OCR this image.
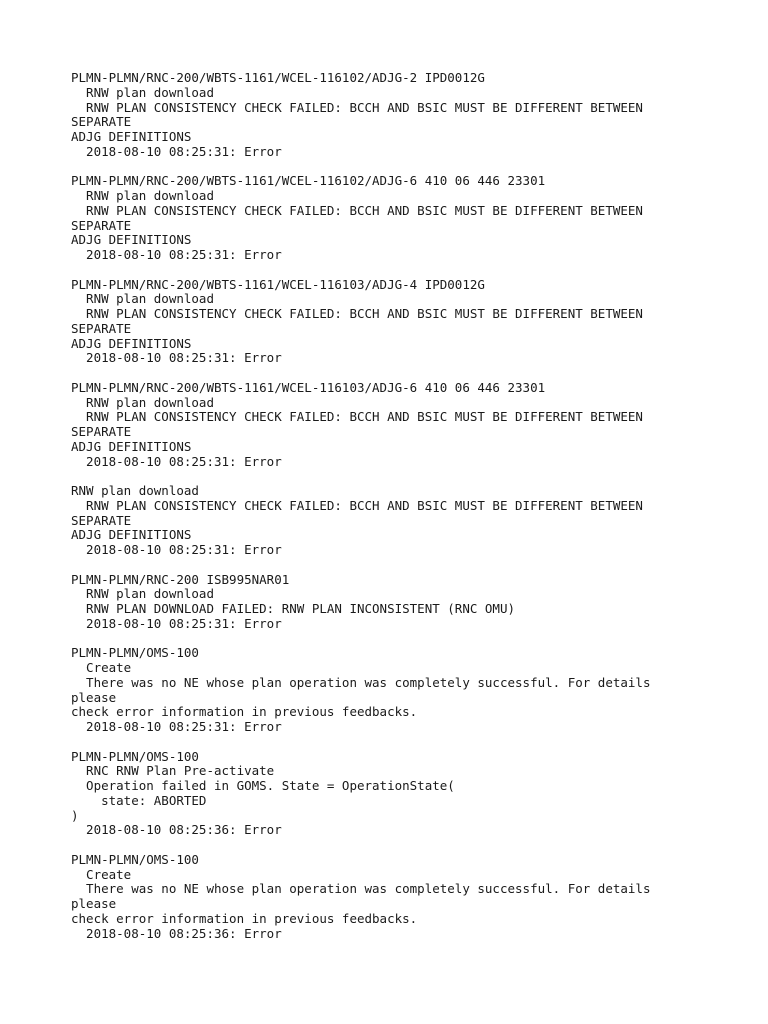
PLMN-PLMN/RNC-200/WBTS-1161/WCEL-116102/ADJG-2 IPD0012G
RNW plan download
RNW PLAN CONSISTENCY CHECK FAILED: BCCH AND BSIC MUST BE DIFFERENT BETWEEN
SEPARATE
ADJG DEFINITIONS
2018-08-10 08:25:31: Error
PLMN-PLMN/RNC-200/WBTS-1161/WCEL-116102/ADJG-6 410 06 446 23301
RNW plan download
RNW PLAN CONSISTENCY CHECK FAILED: BCCH AND BSIC MUST BE DIFFERENT BETWEEN
SEPARATE
ADJG DEFINITIONS
2018-08-10 08:25:31: Error
PLMN-PLMN/RNC-200/WBTS-1161/WCEL-116103/ADJG-4 IPD0012G
RNW plan download
RNW PLAN CONSISTENCY CHECK FAILED: BCCH AND BSIC MUST BE DIFFERENT BETWEEN
SEPARATE
ADJG DEFINITIONS
2018-08-10 08:25:31: Error
PLMN-PLMN/RNC-200/WBTS-1161/WCEL-116103/ADJG-6 410 06 446 23301
RNW plan download
RNW PLAN CONSISTENCY CHECK FAILED: BCCH AND BSIC MUST BE DIFFERENT BETWEEN
SEPARATE
ADJG DEFINITIONS
2018-08-10 08:25:31: Error
RNW plan download
RNW PLAN CONSISTENCY CHECK FAILED: BCCH AND BSIC MUST BE DIFFERENT BETWEEN
SEPARATE
ADJG DEFINITIONS
2018-08-10 08:25:31: Error
PLMN-PLMN/RNC-200 ISB995NAR01
RNW plan download
RNW PLAN DOWNLOAD FAILED: RNW PLAN INCONSISTENT (RNC OMU)
2018-08-10 08:25:31: Error
PLMN-PLMN/OMS-100
Create
There was no NE whose plan operation was completely successful. For details
please
check error information in previous feedbacks.
2018-08-10 08:25:31: Error
PLMN-PLMN/OMS-100
RNC RNW Plan Pre-activate
Operation failed in GOMS. State = OperationState(
state: ABORTED
)
2018-08-10 08:25:36: Error
PLMN-PLMN/OMS-100
Create
There was no NE whose plan operation was completely successful. For details
please
check error information in previous feedbacks.
2018-08-10 08:25:36: Error
